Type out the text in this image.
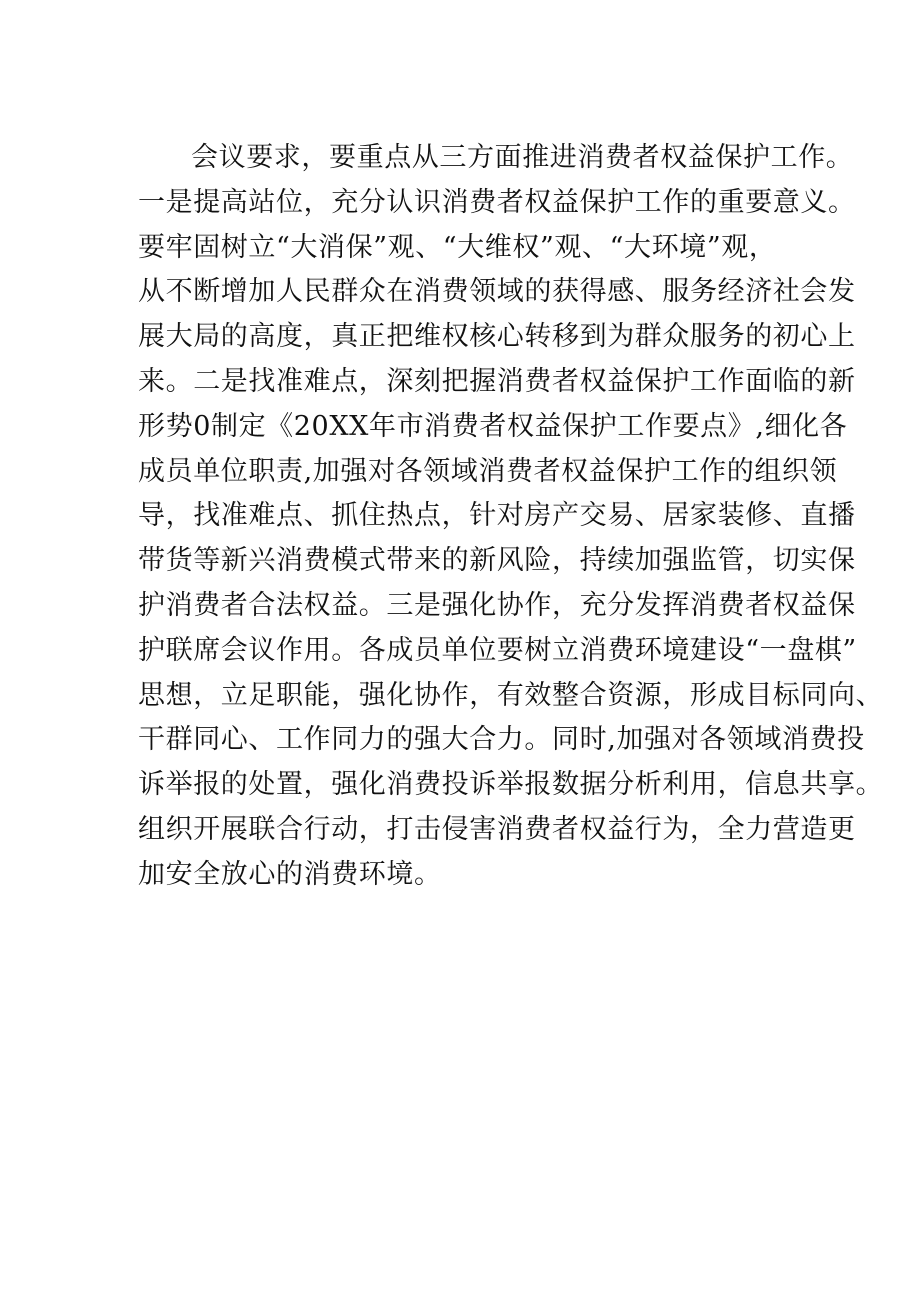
会议要求，要重点从三方面推进消费者权益保护工作。
一是提高站位，充分认识消费者权益保护工作的重要意义。
要牢固树立“大消保”观、“大维权”观、“大环境”观，
从不断增加人民群众在消费领域的获得感、服务经济社会发
展大局的高度，真正把维权核心转移到为群众服务的初心上
来。二是找准难点，深刻把握消费者权益保护工作面临的新
形势0制定《20XX年市消费者权益保护工作要点》,细化各
成员单位职责,加强对各领域消费者权益保护工作的组织领
导，找准难点、抓住热点，针对房产交易、居家装修、直播
带货等新兴消费模式带来的新风险，持续加强监管，切实保
护消费者合法权益。三是强化协作，充分发挥消费者权益保
护联席会议作用。各成员单位要树立消费环境建设“一盘棋”
思想，立足职能，强化协作，有效整合资源，形成目标同向、
干群同心、工作同力的强大合力。同时,加强对各领域消费投
诉举报的处置，强化消费投诉举报数据分析利用，信息共享。
组织开展联合行动，打击侵害消费者权益行为，全力营造更
加安全放心的消费环境。
